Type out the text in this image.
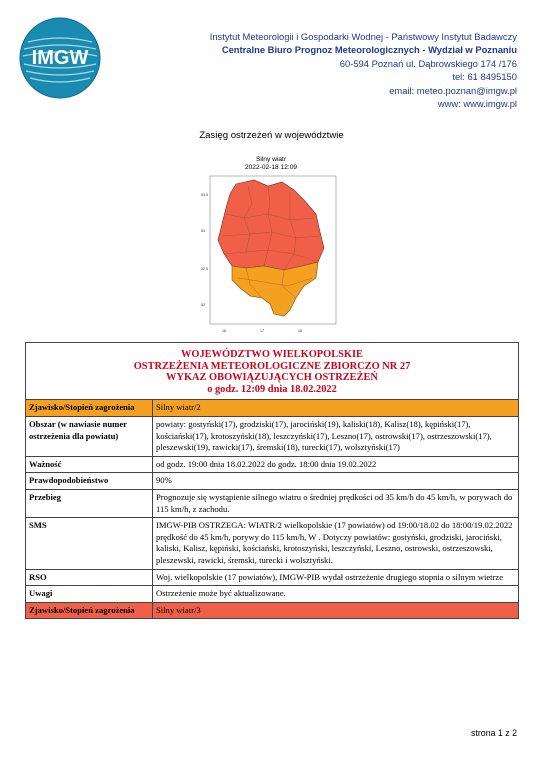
IMGW
Instytut Meteorologii i Gospodarki Wodnej - Państwowy Instytut Badawczy
Centralne Biuro Prognoz Meteorologicznych - Wydział w Poznaniu
60-594 Poznań ul. Dąbrowskiego 174 /176
tel: 61 8495150
email: meteo.poznan@imgw.pl
www: www.imgw.pl
Zasięg ostrzeżeń w województwie
Silny wiatr
2022-02-18 12:09
53.5
53
52.5
52
16	17	18
WOJEWÓDZTWO WIELKOPOLSKIE
OSTRZEŻENIA METEOROLOGICZNE ZBIORCZO NR 27
WYKAZ OBOWIĄZUJĄCYCH OSTRZEŻEŃ
o godz. 12:09 dnia 18.02.2022	

Zjawisko/Stopień zagrożenia	Silny wiatr/2
Obszar (w nawiasie numer ostrzeżenia dla powiatu)	powiaty: gostyński(17), grodziski(17), jarociński(19), kaliski(18), Kalisz(18), kępiński(17), kościański(17), krotoszyński(18), leszczyński(17), Leszno(17), ostrowski(17), ostrzeszowski(17), pleszewski(19), rawicki(17), śremski(18), turecki(17), wolsztyński(17)
Ważność	od godz. 19:00 dnia 18.02.2022 do godz. 18:00 dnia 19.02.2022
Prawdopodobieństwo	90%
Przebieg	Prognozuje się wystąpienie silnego wiatru o średniej prędkości od 35 km/h do 45 km/h, w porywach do 115 km/h, z zachodu.
SMS	IMGW-PIB OSTRZEGA: WIATR/2 wielkopolskie (17 powiatów) od 19:00/18.02 do 18:00/19.02.2022 prędkość do 45 km/h, porywy do 115 km/h, W . Dotyczy powiatów: gostyński, grodziski, jarociński, kaliski, Kalisz, kępiński, kościański, krotoszyński, leszczyński, Leszno, ostrowski, ostrzeszowski, pleszewski, rawicki, śremski, turecki i wolsztyński.
RSO	Woj. wielkopolskie (17 powiatów), IMGW-PIB wydał ostrzeżenie drugiego stopnia o silnym wietrze
Uwagi	Ostrzeżenie może być aktualizowane.
Zjawisko/Stopień zagrożenia	Silny wiatr/3
strona 1 z 2
